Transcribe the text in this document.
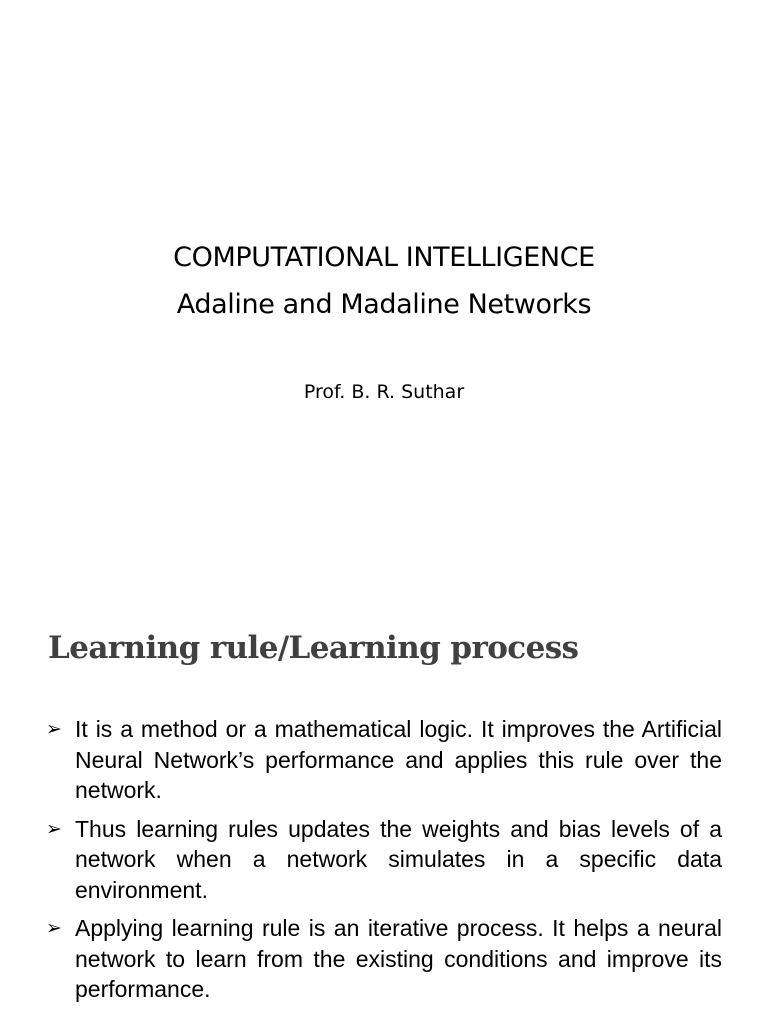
COMPUTATIONAL INTELLIGENCE
Adaline and Madaline Networks
Prof. B. R. Suthar
Learning rule/Learning process
➢ It is a method or a mathematical logic. It improves the Artificial Neural Network’s performance and applies this rule over the network.
➢ Thus learning rules updates the weights and bias levels of a network when a network simulates in a specific data environment.
➢ Applying learning rule is an iterative process. It helps a neural network to learn from the existing conditions and improve its performance.
